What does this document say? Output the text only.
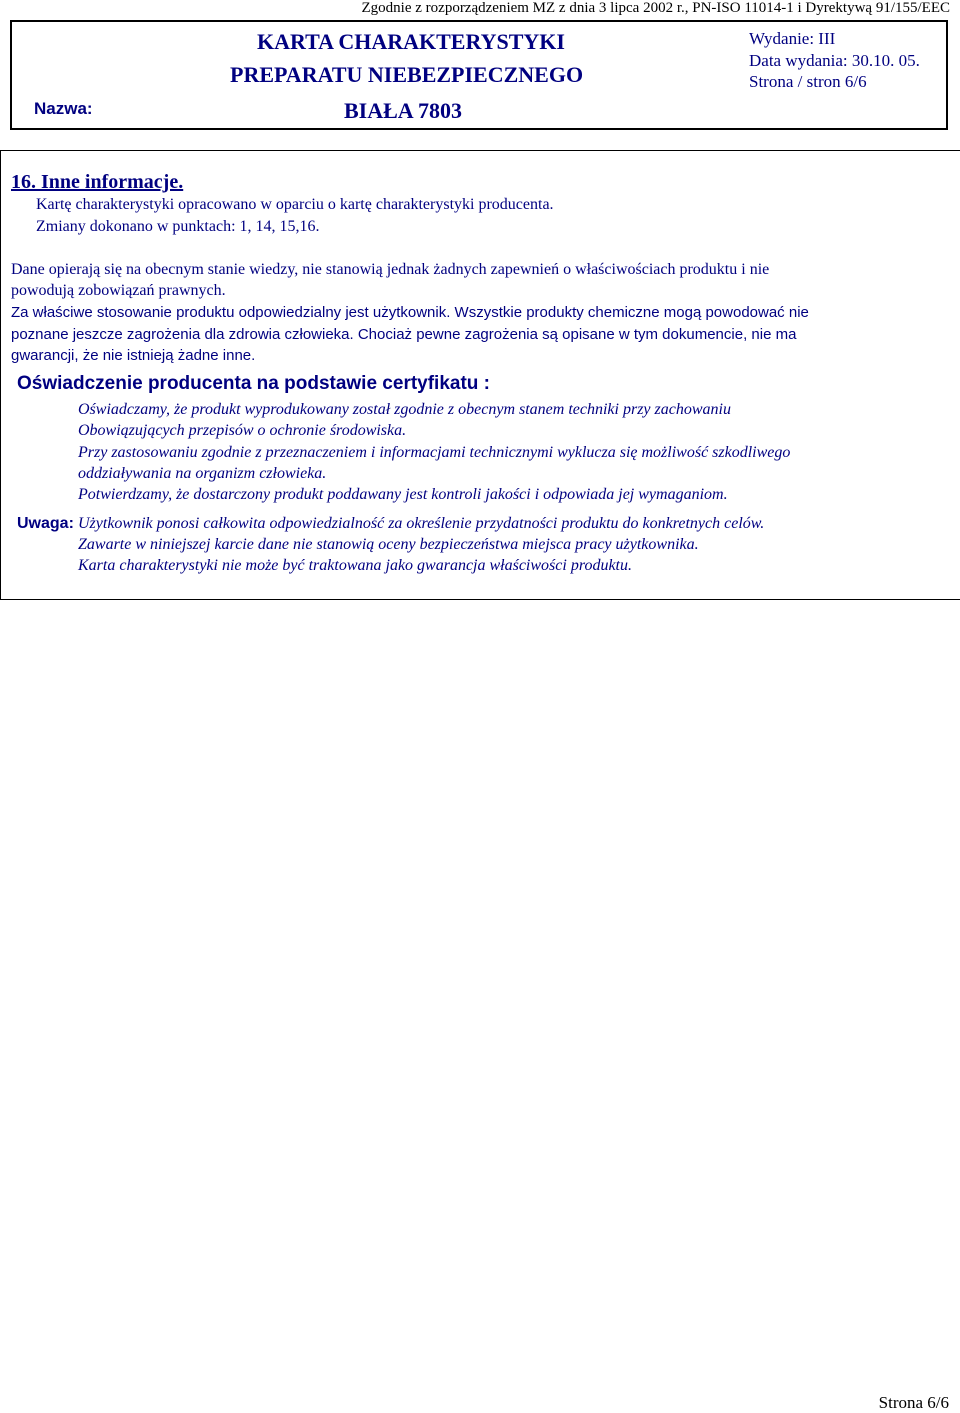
Zgodnie z rozporządzeniem MZ z dnia 3 lipca 2002 r., PN-ISO 11014-1 i Dyrektywą 91/155/EEC
KARTA CHARAKTERYSTYKI
PREPARATU NIEBEZPIECZNEGO
Nazwa:	BIAŁA 7803
Wydanie: III
Data wydania: 30.10. 05.
Strona / stron 6/6
16. Inne informacje.
Kartę charakterystyki opracowano w oparciu o kartę charakterystyki producenta.
Zmiany dokonano w punktach: 1, 14, 15,16.
Dane opierają się na obecnym stanie wiedzy, nie stanowią jednak żadnych zapewnień o właściwościach produktu i nie
powodują zobowiązań prawnych.
Za właściwe stosowanie produktu odpowiedzialny jest użytkownik. Wszystkie produkty chemiczne mogą powodować nie
poznane jeszcze zagrożenia dla zdrowia człowieka. Chociaż pewne zagrożenia są opisane w tym dokumencie, nie ma
gwarancji, że nie istnieją żadne inne.
Oświadczenie producenta na podstawie certyfikatu :
Oświadczamy, że produkt wyprodukowany został zgodnie z obecnym stanem techniki przy zachowaniu
Obowiązujących przepisów o ochronie środowiska.
Przy zastosowaniu zgodnie z przeznaczeniem i informacjami technicznymi wyklucza się możliwość szkodliwego
oddziaływania na organizm człowieka.
Potwierdzamy, że dostarczony produkt poddawany jest kontroli jakości i odpowiada jej wymaganiom.
Uwaga: Użytkownik ponosi całkowita odpowiedzialność za określenie przydatności produktu do konkretnych celów.
Zawarte w niniejszej karcie dane nie stanowią oceny bezpieczeństwa miejsca pracy użytkownika.
Karta charakterystyki nie może być traktowana jako gwarancja właściwości produktu.
Strona 6/6
